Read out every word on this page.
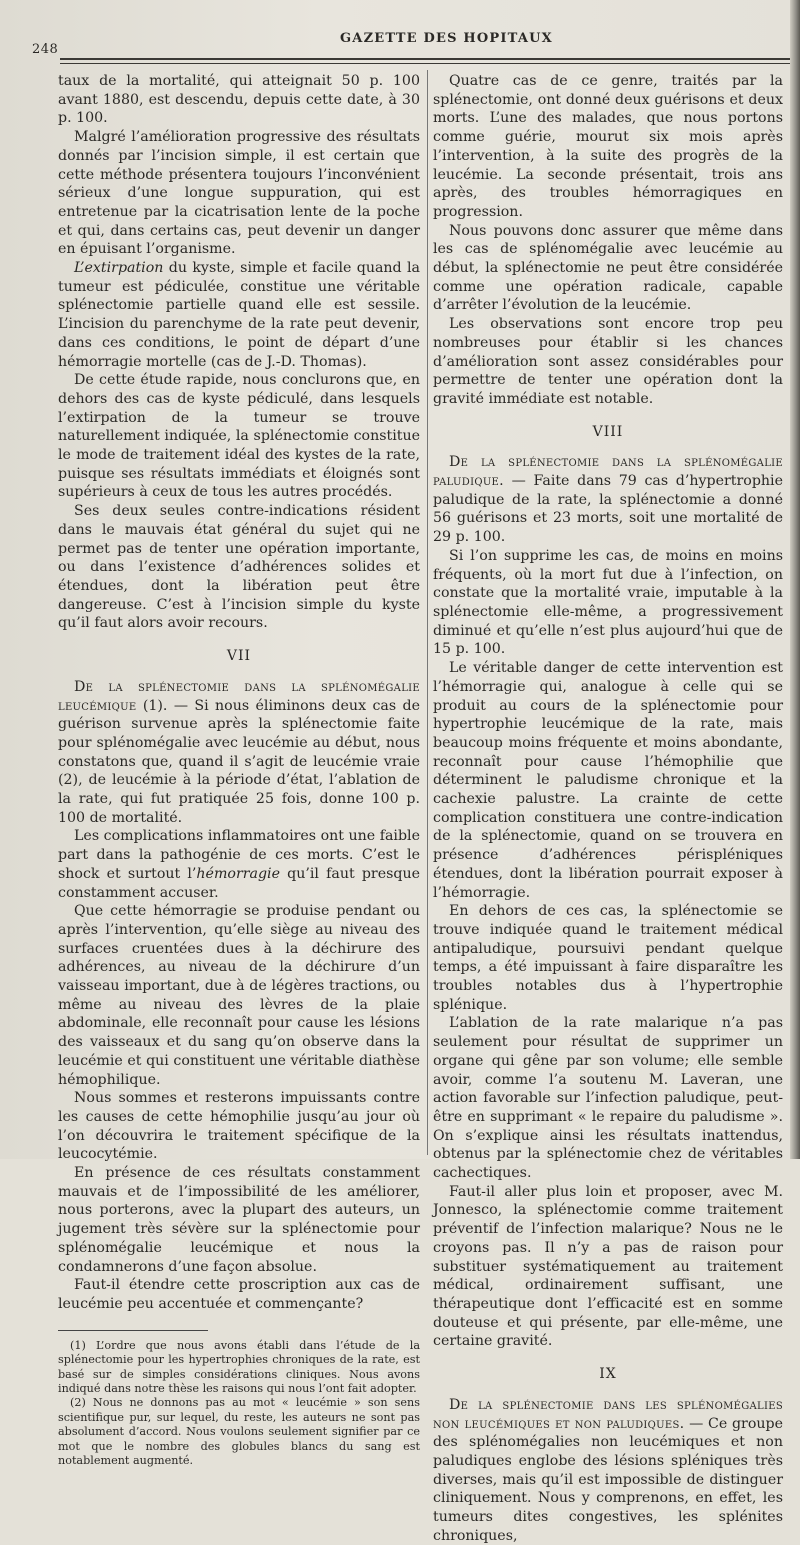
248
GAZETTE DES HOPITAUX

taux de la mortalité, qui atteignait 50 p. 100 avant 1880, est descendu, depuis cette date, à 30 p. 100.

Malgré l’amélioration progressive des résultats donnés par l’incision simple, il est certain que cette méthode présentera toujours l’inconvénient sérieux d’une longue suppuration, qui est entretenue par la cicatrisation lente de la poche et qui, dans certains cas, peut devenir un danger en épuisant l’organisme.

L’extirpation du kyste, simple et facile quand la tumeur est pédiculée, constitue une véritable splénectomie partielle quand elle est sessile. L’incision du parenchyme de la rate peut devenir, dans ces conditions, le point de départ d’une hémorragie mortelle (cas de J.-D. Thomas).

De cette étude rapide, nous conclurons que, en dehors des cas de kyste pédiculé, dans lesquels l’extirpation de la tumeur se trouve naturellement indiquée, la splénectomie constitue le mode de traitement idéal des kystes de la rate, puisque ses résultats immédiats et éloignés sont supérieurs à ceux de tous les autres procédés.

Ses deux seules contre-indications résident dans le mauvais état général du sujet qui ne permet pas de tenter une opération importante, ou dans l’existence d’adhérences solides et étendues, dont la libération peut être dangereuse. C’est à l’incision simple du kyste qu’il faut alors avoir recours.

VII

De la splénectomie dans la splénomégalie leucémique (1). — Si nous éliminons deux cas de guérison survenue après la splénectomie faite pour splénomégalie avec leucémie au début, nous constatons que, quand il s’agit de leucémie vraie (2), de leucémie à la période d’état, l’ablation de la rate, qui fut pratiquée 25 fois, donne 100 p. 100 de mortalité.

Les complications inflammatoires ont une faible part dans la pathogénie de ces morts. C’est le shock et surtout l’hémorragie qu’il faut presque constamment accuser.

Que cette hémorragie se produise pendant ou après l’intervention, qu’elle siège au niveau des surfaces cruentées dues à la déchirure des adhérences, au niveau de la déchirure d’un vaisseau important, due à de légères tractions, ou même au niveau des lèvres de la plaie abdominale, elle reconnaît pour cause les lésions des vaisseaux et du sang qu’on observe dans la leucémie et qui constituent une véritable diathèse hémophilique.

Nous sommes et resterons impuissants contre les causes de cette hémophilie jusqu’au jour où l’on découvrira le traitement spécifique de la leucocytémie.

En présence de ces résultats constamment mauvais et de l’impossibilité de les améliorer, nous porterons, avec la plupart des auteurs, un jugement très sévère sur la splénectomie pour splénomégalie leucémique et nous la condamnerons d’une façon absolue.

Faut-il étendre cette proscription aux cas de leucémie peu accentuée et commençante?

(1) L’ordre que nous avons établi dans l’étude de la splénectomie pour les hypertrophies chroniques de la rate, est basé sur de simples considérations cliniques. Nous avons indiqué dans notre thèse les raisons qui nous l’ont fait adopter.

(2) Nous ne donnons pas au mot « leucémie » son sens scientifique pur, sur lequel, du reste, les auteurs ne sont pas absolument d’accord. Nous voulons seulement signifier par ce mot que le nombre des globules blancs du sang est notablement augmenté.

Quatre cas de ce genre, traités par la splénectomie, ont donné deux guérisons et deux morts. L’une des malades, que nous portons comme guérie, mourut six mois après l’intervention, à la suite des progrès de la leucémie. La seconde présentait, trois ans après, des troubles hémorragiques en progression.

Nous pouvons donc assurer que même dans les cas de splénomégalie avec leucémie au début, la splénectomie ne peut être considérée comme une opération radicale, capable d’arrêter l’évolution de la leucémie.

Les observations sont encore trop peu nombreuses pour établir si les chances d’amélioration sont assez considérables pour permettre de tenter une opération dont la gravité immédiate est notable.

VIII

De la splénectomie dans la splénomégalie paludique. — Faite dans 79 cas d’hypertrophie paludique de la rate, la splénectomie a donné 56 guérisons et 23 morts, soit une mortalité de 29 p. 100.

Si l’on supprime les cas, de moins en moins fréquents, où la mort fut due à l’infection, on constate que la mortalité vraie, imputable à la splénectomie elle-même, a progressivement diminué et qu’elle n’est plus aujourd’hui que de 15 p. 100.

Le véritable danger de cette intervention est l’hémorragie qui, analogue à celle qui se produit au cours de la splénectomie pour hypertrophie leucémique de la rate, mais beaucoup moins fréquente et moins abondante, reconnaît pour cause l’hémophilie que déterminent le paludisme chronique et la cachexie palustre. La crainte de cette complication constituera une contre-indication de la splénectomie, quand on se trouvera en présence d’adhérences périspléniques étendues, dont la libération pourrait exposer à l’hémorragie.

En dehors de ces cas, la splénectomie se trouve indiquée quand le traitement médical antipaludique, poursuivi pendant quelque temps, a été impuissant à faire disparaître les troubles notables dus à l’hypertrophie splénique.

L’ablation de la rate malarique n’a pas seulement pour résultat de supprimer un organe qui gêne par son volume; elle semble avoir, comme l’a soutenu M. Laveran, une action favorable sur l’infection paludique, peut-être en supprimant « le repaire du paludisme ». On s’explique ainsi les résultats inattendus, obtenus par la splénectomie chez de véritables cachectiques.

Faut-il aller plus loin et proposer, avec M. Jonnesco, la splénectomie comme traitement préventif de l’infection malarique? Nous ne le croyons pas. Il n’y a pas de raison pour substituer systématiquement au traitement médical, ordinairement suffisant, une thérapeutique dont l’efficacité est en somme douteuse et qui présente, par elle-même, une certaine gravité.

IX

De la splénectomie dans les splénomégalies non leucémiques et non paludiques. — Ce groupe des splénomégalies non leucémiques et non paludiques englobe des lésions spléniques très diverses, mais qu’il est impossible de distinguer cliniquement. Nous y comprenons, en effet, les tumeurs dites congestives, les splénites chroniques,
